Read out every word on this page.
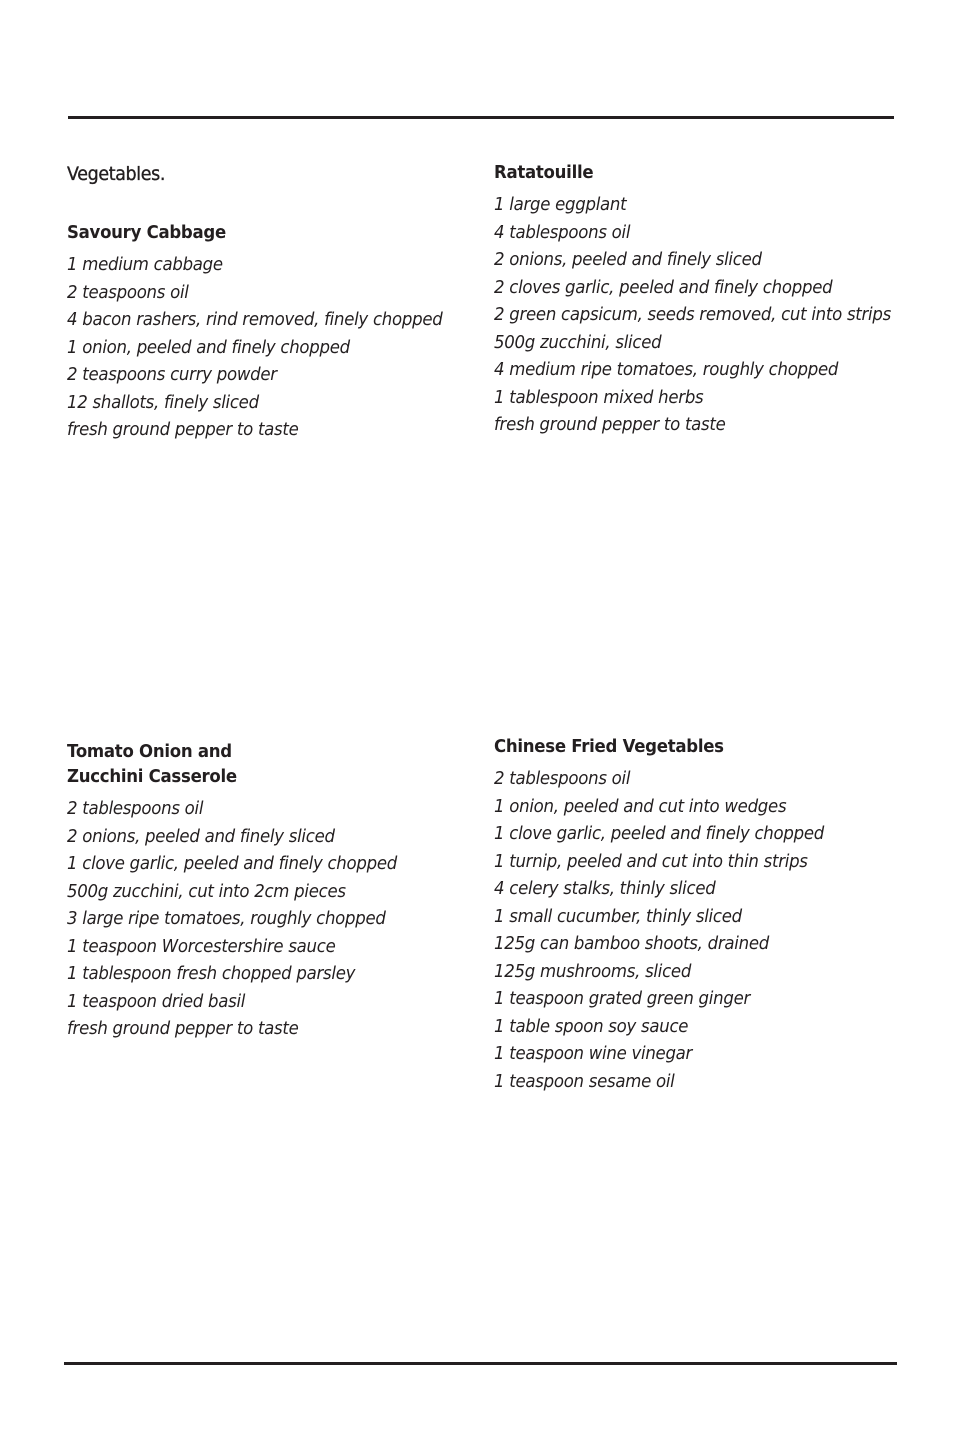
Vegetables.
Savoury Cabbage
1 medium cabbage
2 teaspoons oil
4 bacon rashers, rind removed, finely chopped
1 onion, peeled and finely chopped
2 teaspoons curry powder
12 shallots, finely sliced
fresh ground pepper to taste
Ratatouille
1 large eggplant
4 tablespoons oil
2 onions, peeled and finely sliced
2 cloves garlic, peeled and finely chopped
2 green capsicum, seeds removed, cut into strips
500g zucchini, sliced
4 medium ripe tomatoes, roughly chopped
1 tablespoon mixed herbs
fresh ground pepper to taste
Tomato Onion and
Zucchini Casserole
2 tablespoons oil
2 onions, peeled and finely sliced
1 clove garlic, peeled and finely chopped
500g zucchini, cut into 2cm pieces
3 large ripe tomatoes, roughly chopped
1 teaspoon Worcestershire sauce
1 tablespoon fresh chopped parsley
1 teaspoon dried basil
fresh ground pepper to taste
Chinese Fried Vegetables
2 tablespoons oil
1 onion, peeled and cut into wedges
1 clove garlic, peeled and finely chopped
1 turnip, peeled and cut into thin strips
4 celery stalks, thinly sliced
1 small cucumber, thinly sliced
125g can bamboo shoots, drained
125g mushrooms, sliced
1 teaspoon grated green ginger
1 table spoon soy sauce
1 teaspoon wine vinegar
1 teaspoon sesame oil
